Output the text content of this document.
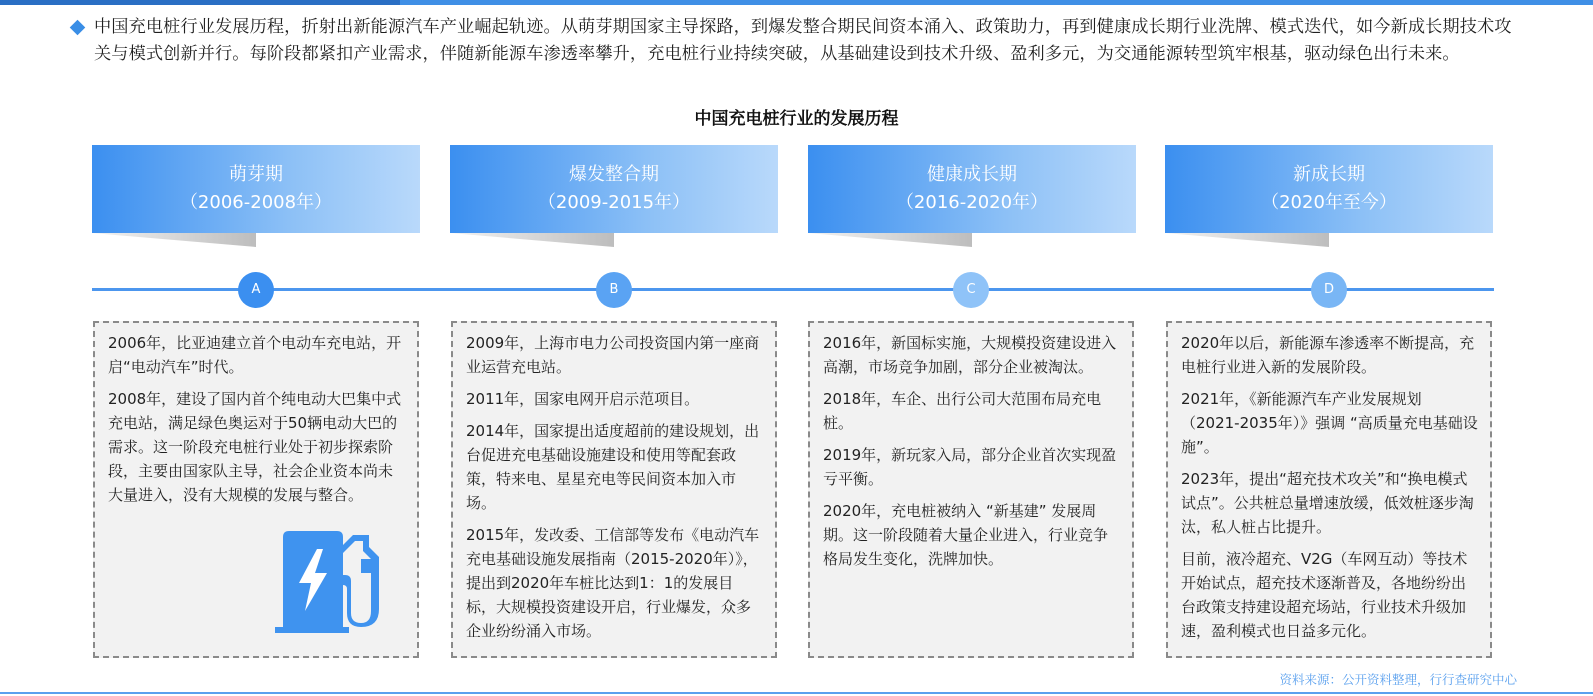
中国充电桩行业发展历程，折射出新能源汽车产业崛起轨迹。从萌芽期国家主导探路，到爆发整合期民间资本涌入、政策助力，再到健康成长期行业洗牌、模式迭代，如今新成长期技术攻关与模式创新并行。每阶段都紧扣产业需求，伴随新能源车渗透率攀升，充电桩行业持续突破，从基础建设到技术升级、盈利多元，为交通能源转型筑牢根基，驱动绿色出行未来。
中国充电桩行业的发展历程
萌芽期
（2006-2008年）
爆发整合期
（2009-2015年）
健康成长期
（2016-2020年）
新成长期
（2020年至今）
A	B	C	D

2006年，比亚迪建立首个电动车充电站，开启“电动汽车”时代。

2008年，建设了国内首个纯电动大巴集中式充电站，满足绿色奥运对于50辆电动大巴的需求。这一阶段充电桩行业处于初步探索阶段，主要由国家队主导，社会企业资本尚未大量进入，没有大规模的发展与整合。

2009年，上海市电力公司投资国内第一座商业运营充电站。

2011年，国家电网开启示范项目。

2014年，国家提出适度超前的建设规划，出台促进充电基础设施建设和使用等配套政策，特来电、星星充电等民间资本加入市场。

2015年，发改委、工信部等发布《电动汽车充电基础设施发展指南（2015-2020年）》，提出到2020年车桩比达到1：1的发展目标，大规模投资建设开启，行业爆发，众多企业纷纷涌入市场。

2016年，新国标实施，大规模投资建设进入高潮，市场竞争加剧，部分企业被淘汰。

2018年，车企、出行公司大范围布局充电桩。

2019年，新玩家入局，部分企业首次实现盈亏平衡。

2020年，充电桩被纳入 “新基建” 发展周期。这一阶段随着大量企业进入，行业竞争格局发生变化，洗牌加快。

2020年以后，新能源车渗透率不断提高，充电桩行业进入新的发展阶段。

2021年，《新能源汽车产业发展规划（2021-2035年）》强调 “高质量充电基础设施”。

2023年，提出“超充技术攻关”和“换电模式试点”。公共桩总量增速放缓，低效桩逐步淘汰，私人桩占比提升。

目前，液冷超充、V2G（车网互动）等技术开始试点，超充技术逐渐普及，各地纷纷出台政策支持建设超充场站，行业技术升级加速，盈利模式也日益多元化。

资料来源：公开资料整理，行行查研究中心
